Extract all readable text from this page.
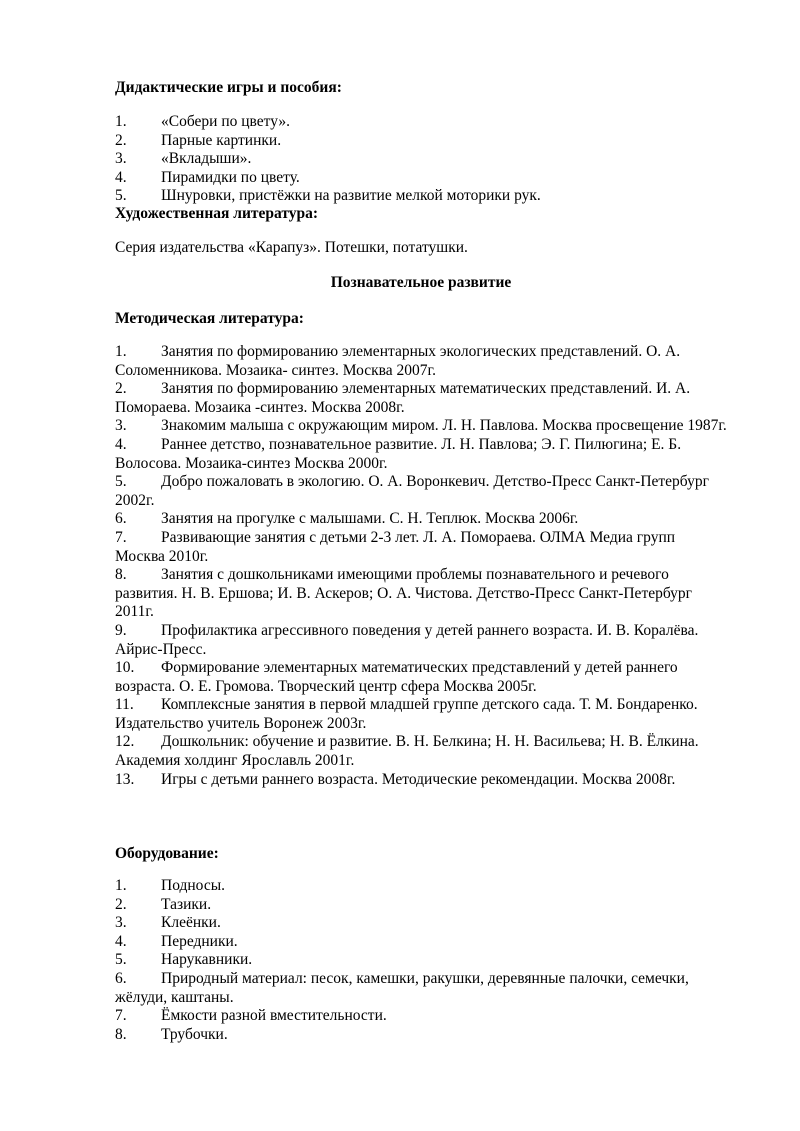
Дидактические игры и пособия:
1.	«Собери по цвету».
2.	Парные картинки.
3.	«Вкладыши».
4.	Пирамидки по цвету.
5.	Шнуровки, пристёжки на развитие мелкой моторики рук.
Художественная литература:
Серия издательства «Карапуз». Потешки, потатушки.
Познавательное развитие
Методическая литература:
1.	Занятия по формированию элементарных экологических представлений. О. А. Соломенникова. Мозаика- синтез. Москва 2007г.
2.	Занятия по формированию элементарных математических представлений. И. А. Помораева. Мозаика -синтез. Москва 2008г.
3.	Знакомим малыша с окружающим миром. Л. Н. Павлова. Москва просвещение 1987г.
4.	Раннее детство, познавательное развитие. Л. Н. Павлова; Э. Г. Пилюгина; Е. Б. Волосова. Мозаика-синтез Москва 2000г.
5.	Добро пожаловать в экологию. О. А. Воронкевич. Детство-Пресс Санкт-Петербург 2002г.
6.	Занятия на прогулке с малышами. С. Н. Теплюк. Москва 2006г.
7.	Развивающие занятия с детьми 2-3 лет. Л. А. Помораева. ОЛМА Медиа групп Москва 2010г.
8.	Занятия с дошкольниками имеющими проблемы познавательного и речевого развития. Н. В. Ершова; И. В. Аскеров; О. А. Чистова. Детство-Пресс Санкт-Петербург 2011г.
9.	Профилактика агрессивного поведения у детей раннего возраста. И. В. Коралёва. Айрис-Пресс.
10.	Формирование элементарных математических представлений у детей раннего возраста. О. Е. Громова. Творческий центр сфера Москва 2005г.
11.	Комплексные занятия в первой младшей группе детского сада. Т. М. Бондаренко. Издательство учитель Воронеж 2003г.
12.	Дошкольник: обучение и развитие. В. Н. Белкина; Н. Н. Васильева; Н. В. Ёлкина. Академия холдинг Ярославль 2001г.
13.	Игры с детьми раннего возраста. Методические рекомендации. Москва 2008г.
Оборудование:
1.	Подносы.
2.	Тазики.
3.	Клеёнки.
4.	Передники.
5.	Нарукавники.
6.	Природный материал: песок, камешки, ракушки, деревянные палочки, семечки, жёлуди, каштаны.
7.	Ёмкости разной вместительности.
8.	Трубочки.
